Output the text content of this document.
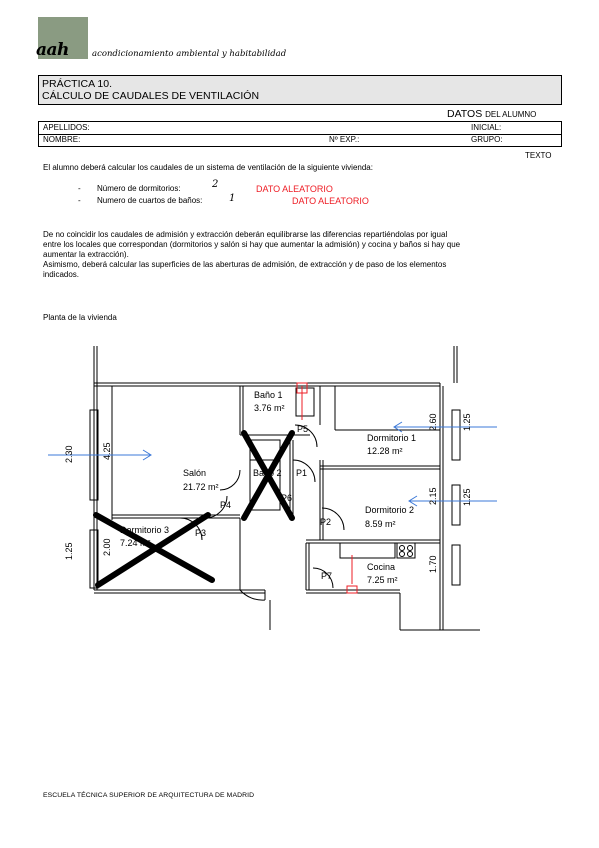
aah	acondicionamiento ambiental y habitabilidad
PRÁCTICA 10.
CÁLCULO DE CAUDALES DE VENTILACIÓN
DATOS DEL ALUMNO
APELLIDOS:	INICIAL:
NOMBRE:	Nº EXP.:	GRUPO:
TEXTO
El alumno deberá calcular los caudales de un sistema de ventilación de la siguiente vivienda:
- Número de dormitorios:	2	DATO ALEATORIO
- Numero de cuartos de baños:	1	DATO ALEATORIO
De no coincidir los caudales de admisión y extracción deberán equilibrarse las diferencias repartiéndolas por igual
entre los locales que correspondan (dormitorios y salón si hay que aumentar la admisión) y cocina y baños si hay que
aumentar la extracción).
Asimismo, deberá calcular las superficies de las aberturas de admisión, de extracción y de paso de los elementos
indicados.
Planta de la vivienda
Baño 1
3.76 m²
Dormitorio 1
12.28 m²
Salón
21.72 m²
Baño 2
Dormitorio 2
8.59 m²
Dormitorio 3
7.24 m²
Cocina
7.25 m²
P5
P1
P6
P4
P2
P3
P7
2.30	4.25
2.60	1.25
2.15	1.25
1.25	2.00
1.70
ESCUELA TÉCNICA SUPERIOR DE ARQUITECTURA DE MADRID
